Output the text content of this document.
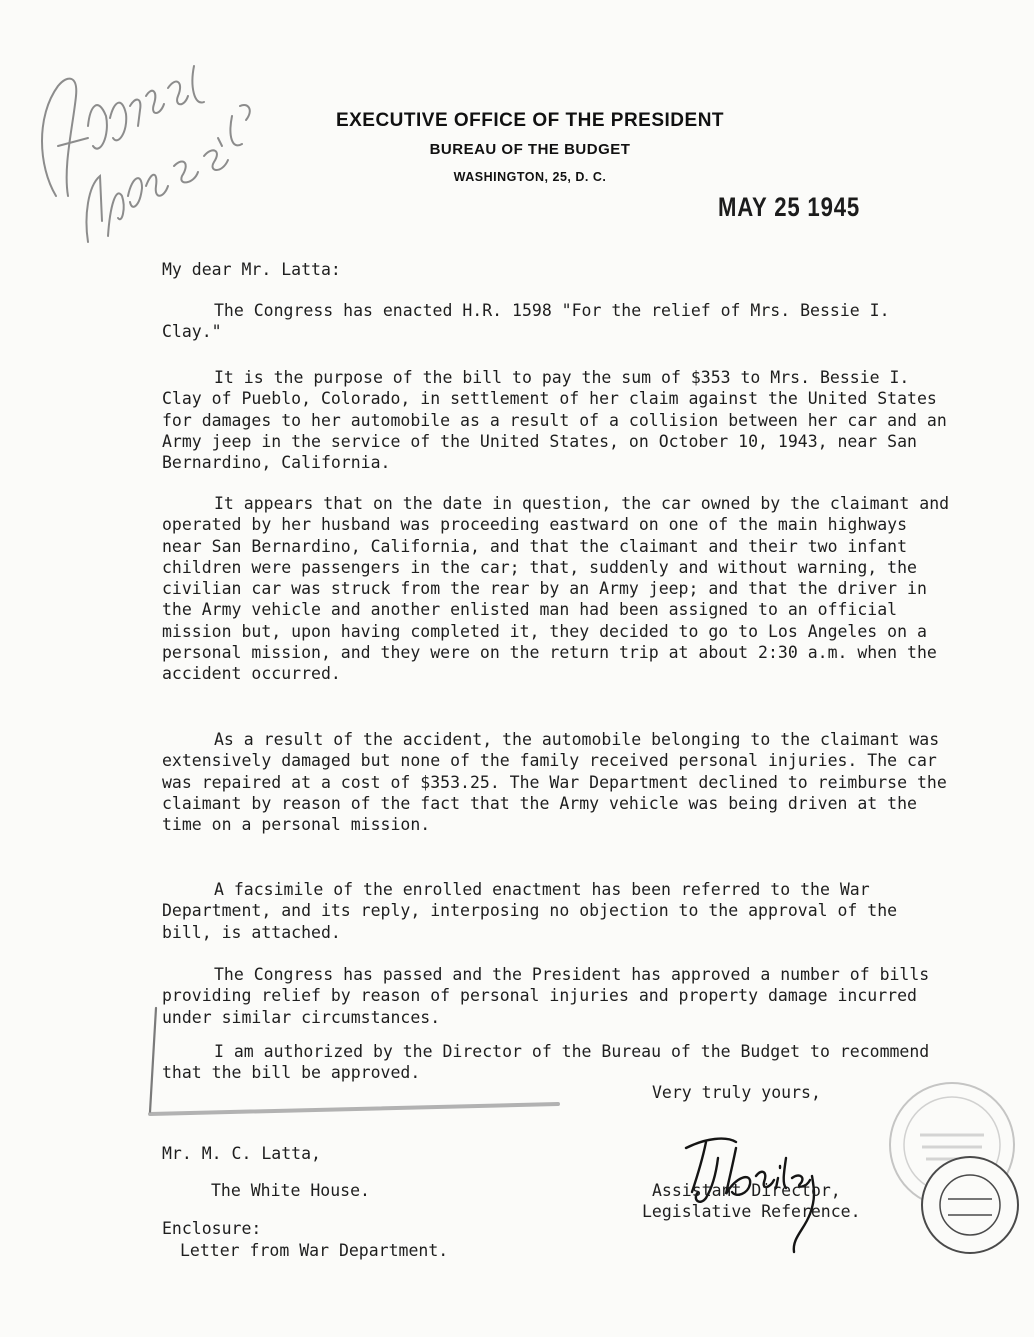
EXECUTIVE OFFICE OF THE PRESIDENT
BUREAU OF THE BUDGET
WASHINGTON, 25, D. C.
MAY 25 1945
My dear Mr. Latta:
The Congress has enacted H.R. 1598 "For the relief of Mrs. Bessie I. Clay."
It is the purpose of the bill to pay the sum of $353 to Mrs. Bessie I. Clay of Pueblo, Colorado, in settlement of her claim against the United States for damages to her automobile as a result of a collision between her car and an Army jeep in the service of the United States, on October 10, 1943, near San Bernardino, California.
It appears that on the date in question, the car owned by the claimant and operated by her husband was proceeding eastward on one of the main highways near San Bernardino, California, and that the claimant and their two infant children were passengers in the car; that, suddenly and without warning, the civilian car was struck from the rear by an Army jeep; and that the driver in the Army vehicle and another enlisted man had been assigned to an official mission but, upon having completed it, they decided to go to Los Angeles on a personal mission, and they were on the return trip at about 2:30 a.m. when the accident occurred.
As a result of the accident, the automobile belonging to the claimant was extensively damaged but none of the family received personal injuries. The car was repaired at a cost of $353.25. The War Department declined to reimburse the claimant by reason of the fact that the Army vehicle was being driven at the time on a personal mission.
A facsimile of the enrolled enactment has been referred to the War Department, and its reply, interposing no objection to the approval of the bill, is attached.
The Congress has passed and the President has approved a number of bills providing relief by reason of personal injuries and property damage incurred under similar circumstances.
I am authorized by the Director of the Bureau of the Budget to recommend that the bill be approved.
Very truly yours,
Mr. M. C. Latta,
The White House.
Enclosure:
Letter from War Department.
Assistant Director,
Legislative Reference.
